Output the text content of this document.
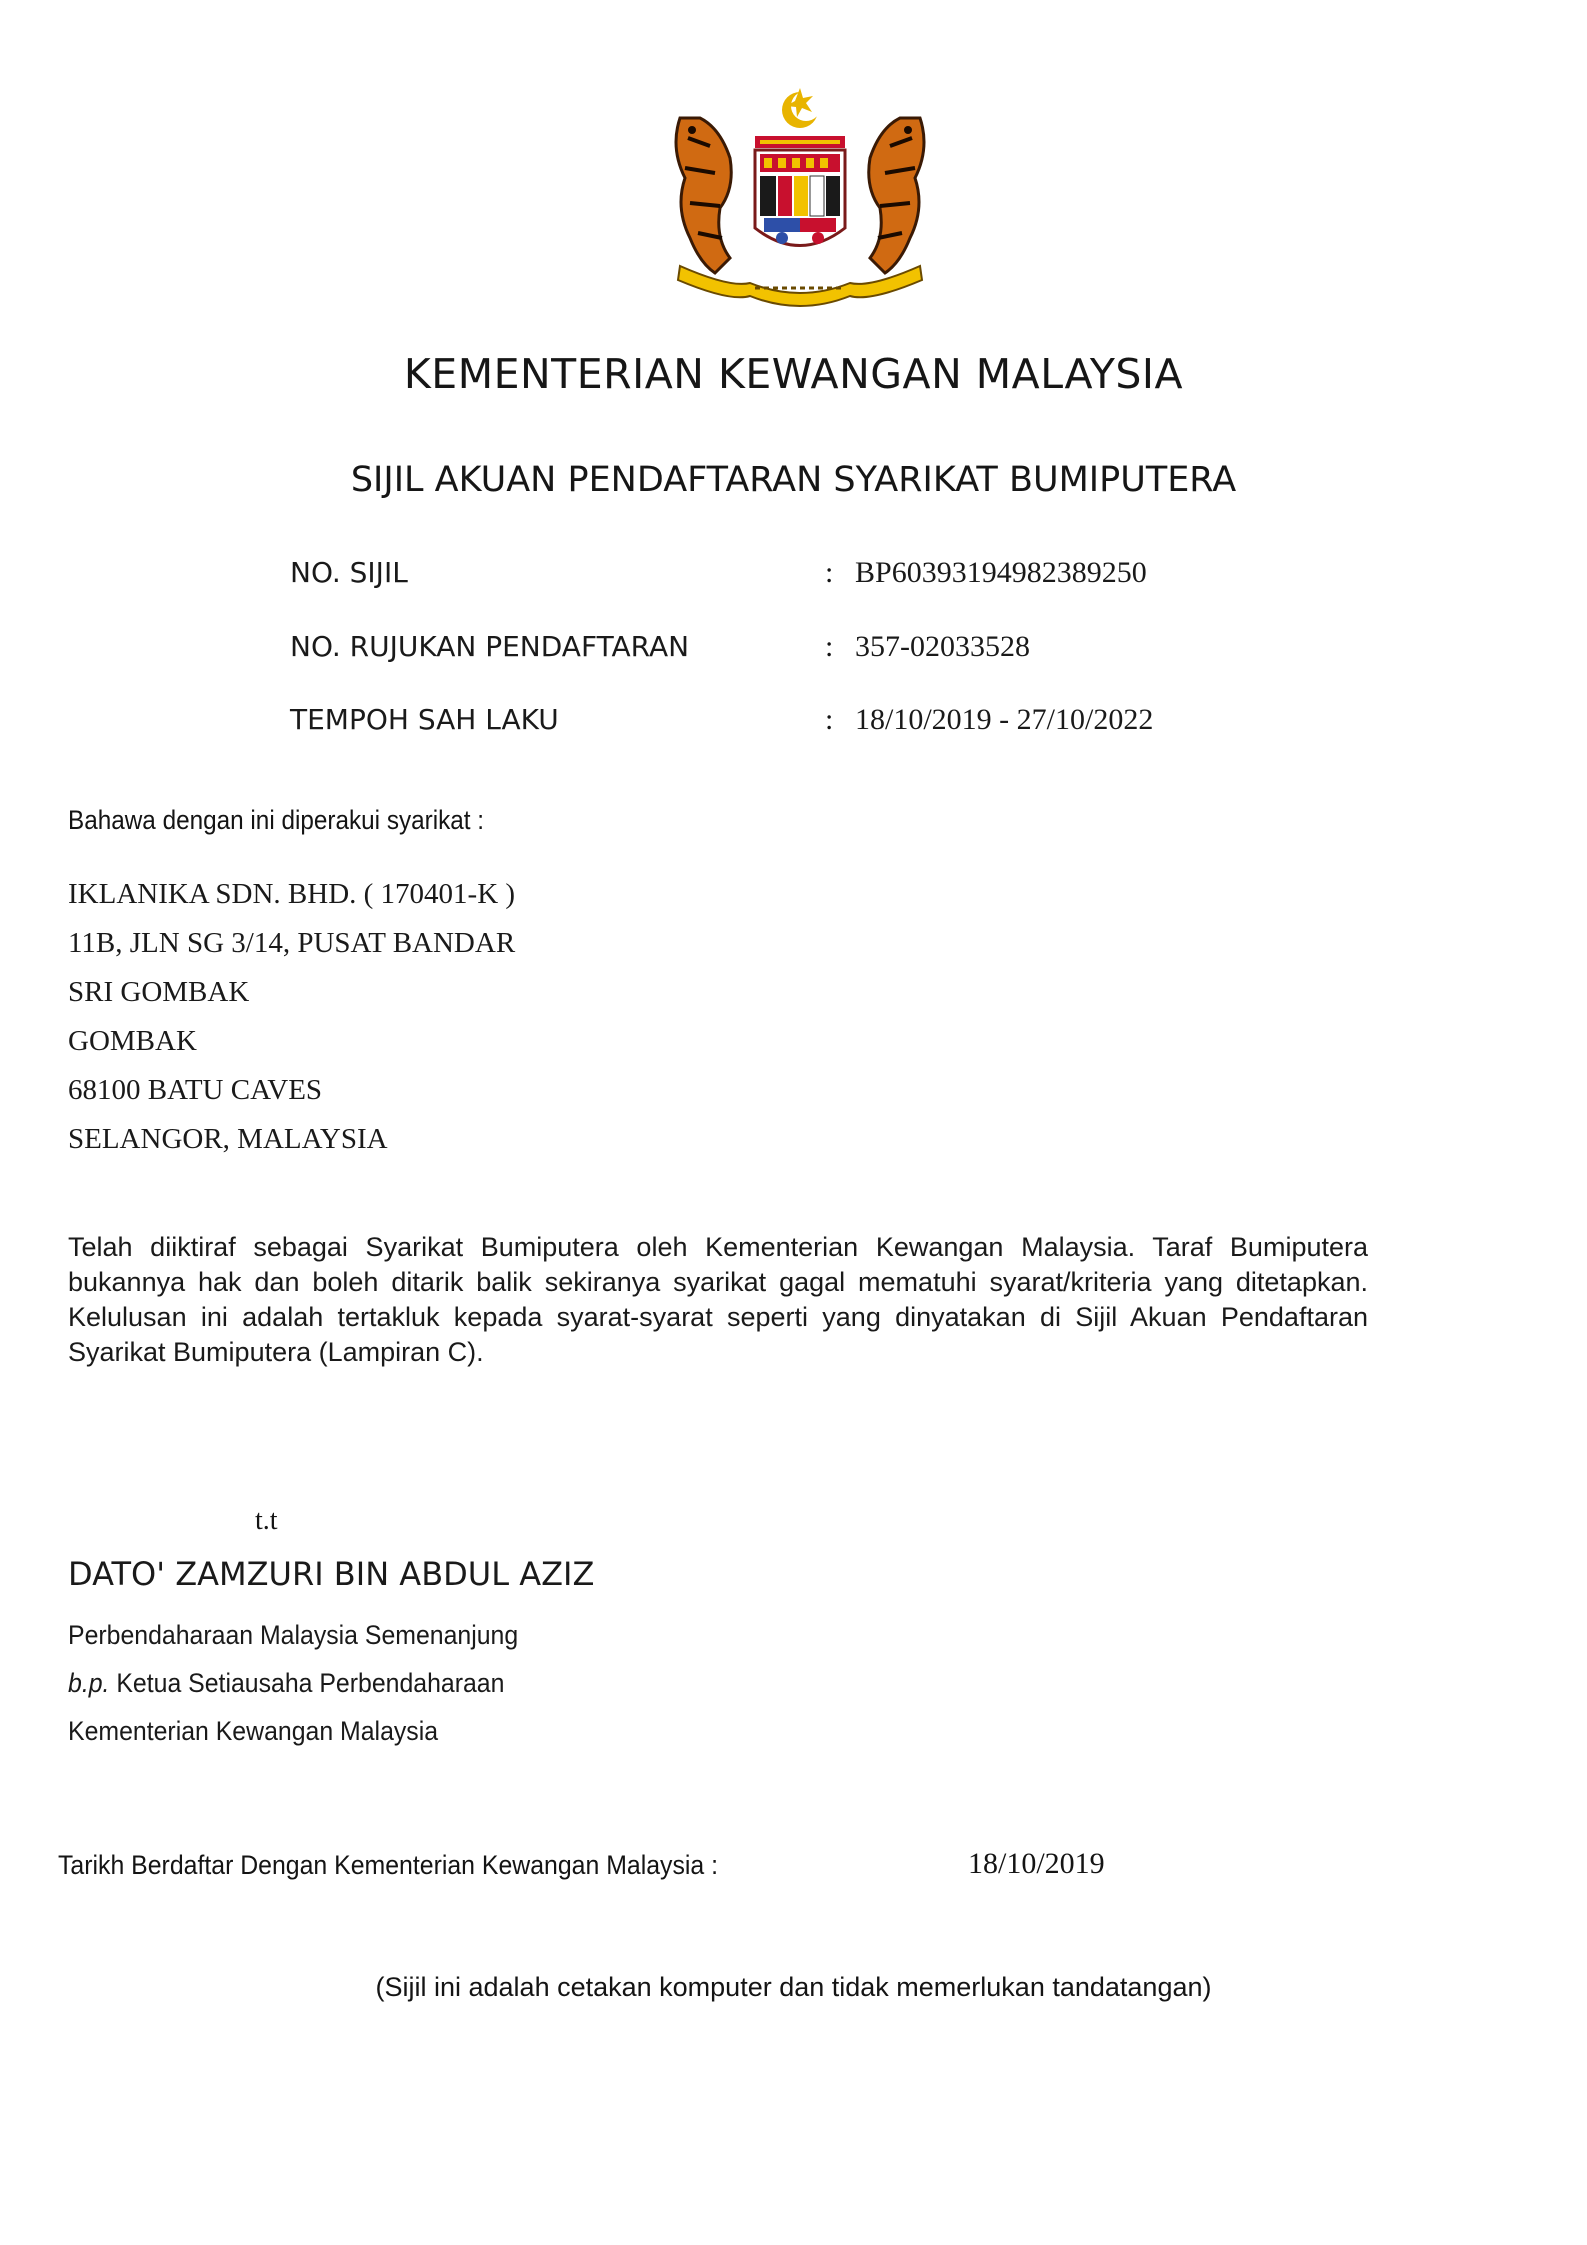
KEMENTERIAN KEWANGAN MALAYSIA
SIJIL AKUAN PENDAFTARAN SYARIKAT BUMIPUTERA
NO. SIJIL	: BP60393194982389250
NO. RUJUKAN PENDAFTARAN	: 357-02033528
TEMPOH SAH LAKU	: 18/10/2019 - 27/10/2022
Bahawa dengan ini diperakui syarikat :
IKLANIKA SDN. BHD. ( 170401-K )
11B, JLN SG 3/14, PUSAT BANDAR
SRI GOMBAK
GOMBAK
68100 BATU CAVES
SELANGOR, MALAYSIA
Telah diiktiraf sebagai Syarikat Bumiputera oleh Kementerian Kewangan Malaysia. Taraf Bumiputera
bukannya hak dan boleh ditarik balik sekiranya syarikat gagal mematuhi syarat/kriteria yang ditetapkan.
Kelulusan ini adalah tertakluk kepada syarat-syarat seperti yang dinyatakan di Sijil Akuan Pendaftaran
Syarikat Bumiputera (Lampiran C).
t.t
DATO' ZAMZURI BIN ABDUL AZIZ
Perbendaharaan Malaysia Semenanjung
b.p. Ketua Setiausaha Perbendaharaan
Kementerian Kewangan Malaysia
Tarikh Berdaftar Dengan Kementerian Kewangan Malaysia :	18/10/2019
(Sijil ini adalah cetakan komputer dan tidak memerlukan tandatangan)
